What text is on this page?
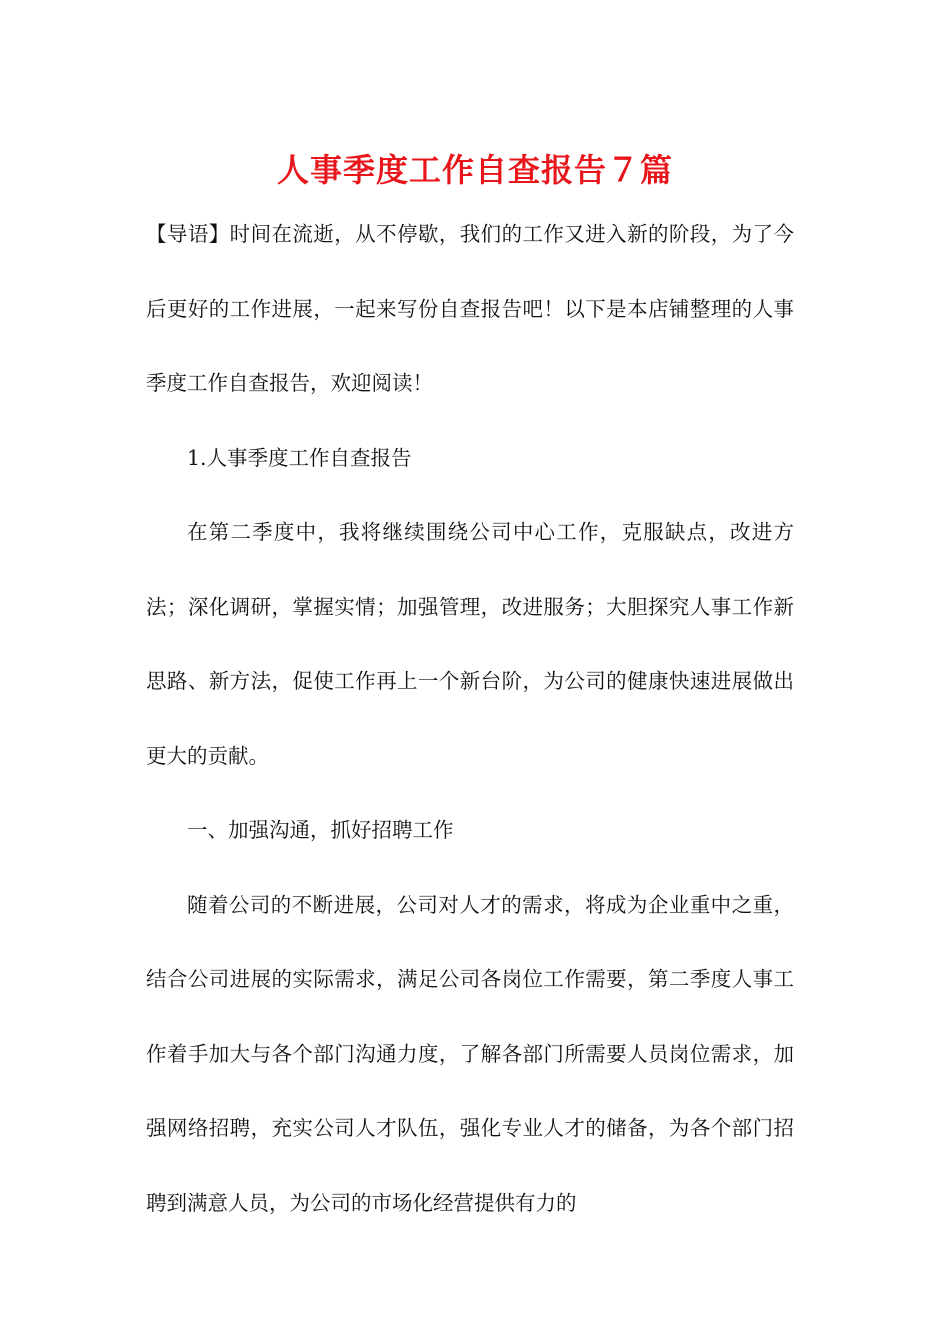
人事季度工作自查报告７篇

【导语】时间在流逝，从不停歇，我们的工作又进入新的阶段，为了今后更好的工作进展，一起来写份自查报告吧！以下是本店铺整理的人事季度工作自查报告，欢迎阅读！

1.人事季度工作自查报告

在第二季度中，我将继续围绕公司中心工作，克服缺点，改进方法；深化调研，掌握实情；加强管理，改进服务；大胆探究人事工作新思路、新方法，促使工作再上一个新台阶，为公司的健康快速进展做出更大的贡献。

一、加强沟通，抓好招聘工作

随着公司的不断进展，公司对人才的需求，将成为企业重中之重，结合公司进展的实际需求，满足公司各岗位工作需要，第二季度人事工作着手加大与各个部门沟通力度，了解各部门所需要人员岗位需求，加强网络招聘，充实公司人才队伍，强化专业人才的储备，为各个部门招聘到满意人员，为公司的市场化经营提供有力的
